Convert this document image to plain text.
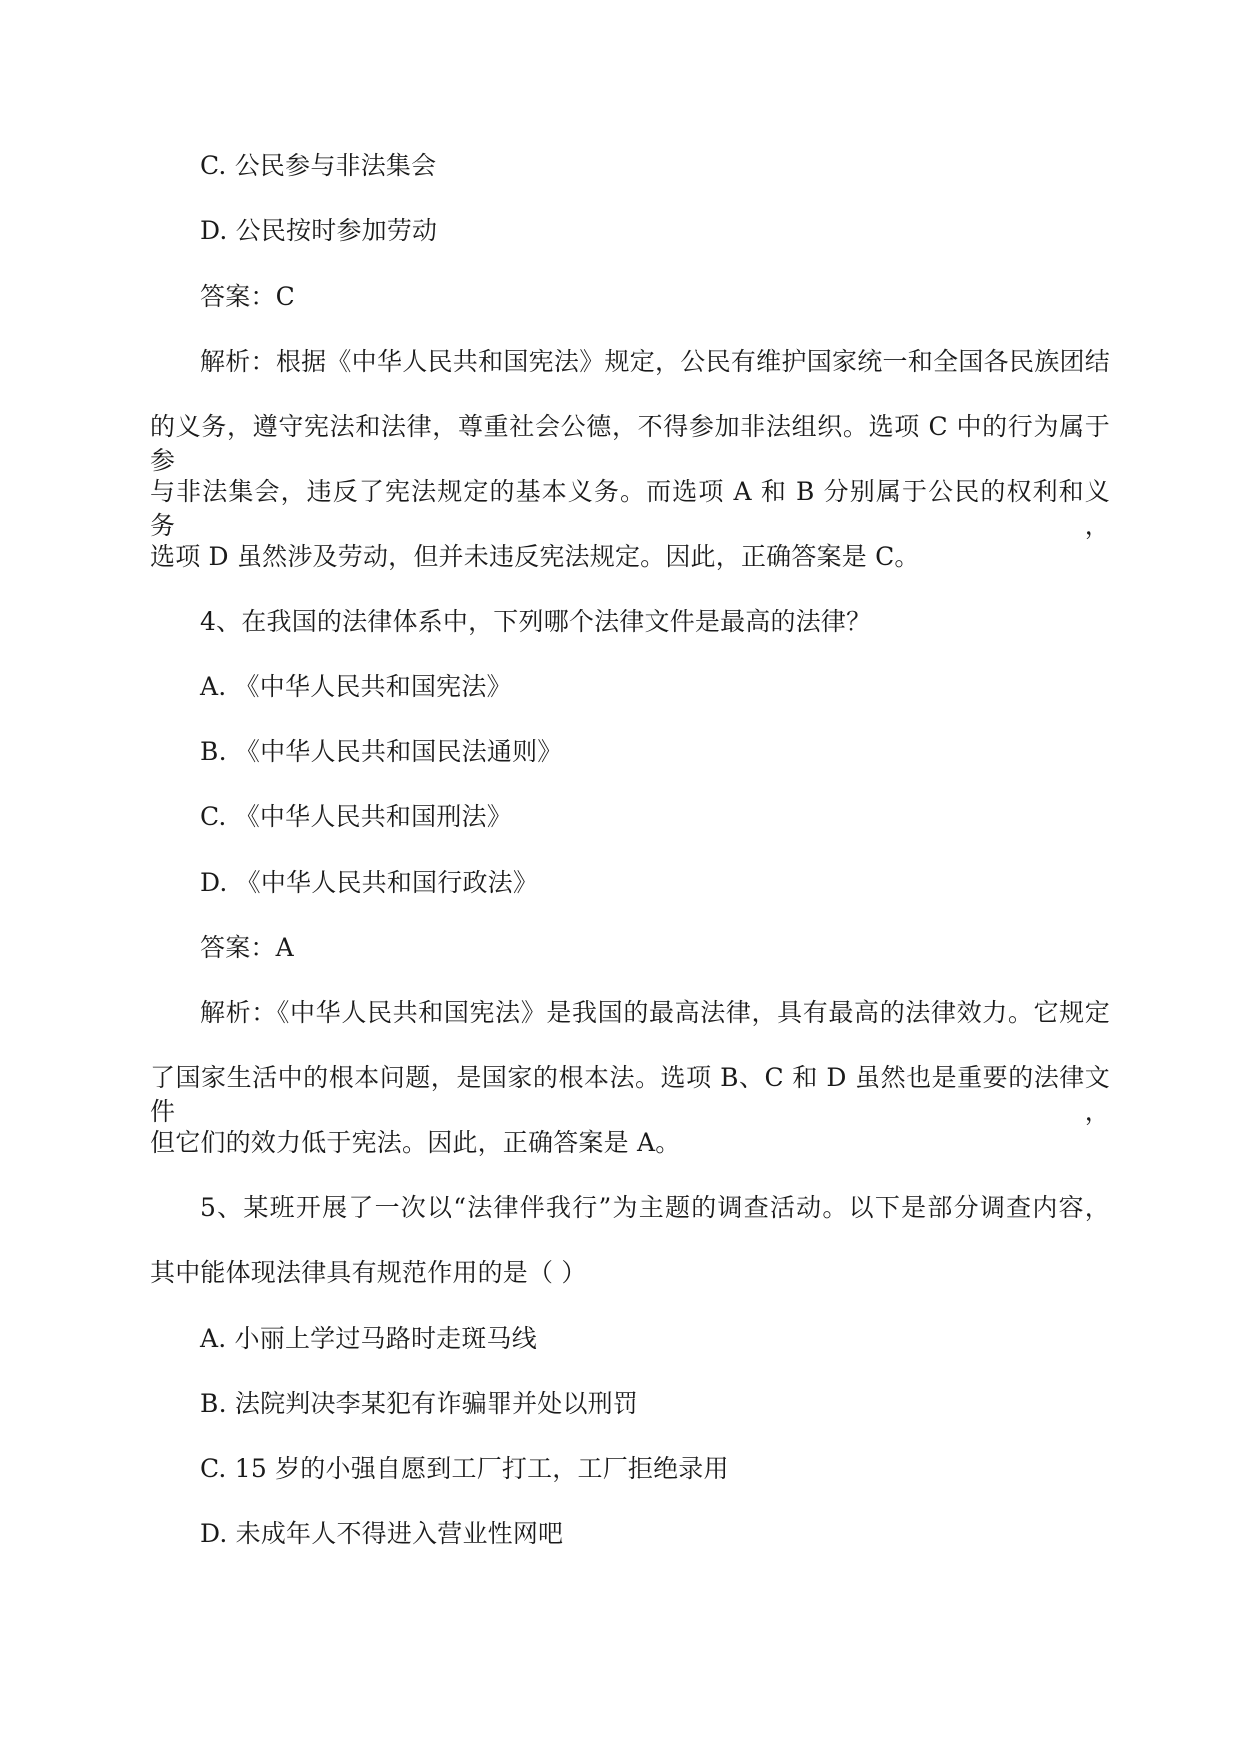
C. 公民参与非法集会
D. 公民按时参加劳动
答案：C
解析：根据《中华人民共和国宪法》规定，公民有维护国家统一和全国各民族团结
的义务，遵守宪法和法律，尊重社会公德，不得参加非法组织。选项 C 中的行为属于参
与非法集会，违反了宪法规定的基本义务。而选项 A 和 B 分别属于公民的权利和义务，
选项 D 虽然涉及劳动，但并未违反宪法规定。因此，正确答案是 C。
4、在我国的法律体系中，下列哪个法律文件是最高的法律？
A. 《中华人民共和国宪法》
B. 《中华人民共和国民法通则》
C. 《中华人民共和国刑法》
D. 《中华人民共和国行政法》
答案：A
解析：《中华人民共和国宪法》是我国的最高法律，具有最高的法律效力。它规定
了国家生活中的根本问题，是国家的根本法。选项 B、C 和 D 虽然也是重要的法律文件，
但它们的效力低于宪法。因此，正确答案是 A。
5、某班开展了一次以“法律伴我行”为主题的调查活动。以下是部分调查内容，
其中能体现法律具有规范作用的是（ ）
A. 小丽上学过马路时走斑马线
B. 法院判决李某犯有诈骗罪并处以刑罚
C. 15 岁的小强自愿到工厂打工，工厂拒绝录用
D. 未成年人不得进入营业性网吧
